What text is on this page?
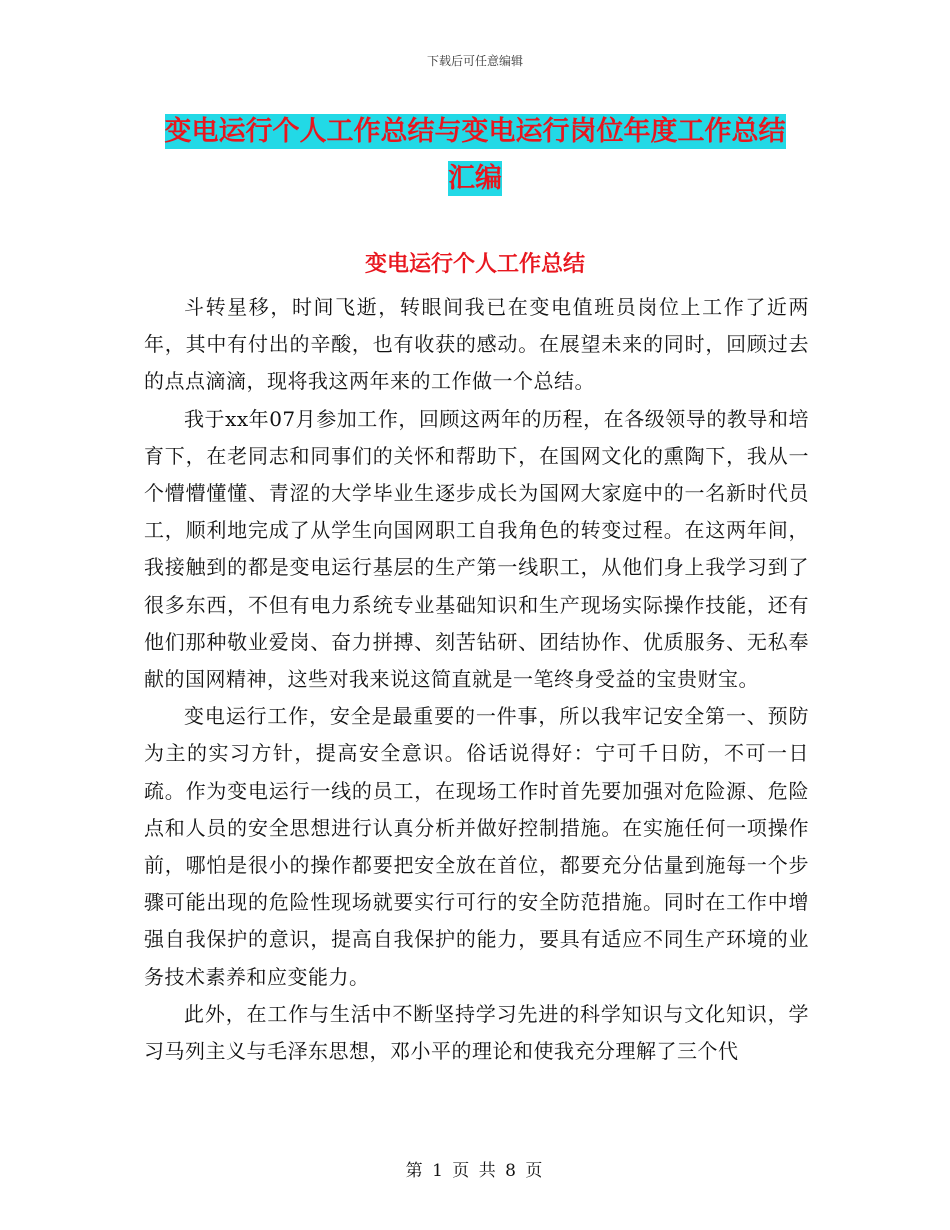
下载后可任意编辑
变电运行个人工作总结与变电运行岗位年度工作总结
汇编
变电运行个人工作总结

斗转星移，时间飞逝，转眼间我已在变电值班员岗位上工作了近两年，其中有付出的辛酸，也有收获的感动。在展望未来的同时，回顾过去的点点滴滴，现将我这两年来的工作做一个总结。

我于xx年07月参加工作，回顾这两年的历程，在各级领导的教导和培育下，在老同志和同事们的关怀和帮助下，在国网文化的熏陶下，我从一个懵懵懂懂、青涩的大学毕业生逐步成长为国网大家庭中的一名新时代员工，顺利地完成了从学生向国网职工自我角色的转变过程。在这两年间，我接触到的都是变电运行基层的生产第一线职工，从他们身上我学习到了很多东西，不但有电力系统专业基础知识和生产现场实际操作技能，还有他们那种敬业爱岗、奋力拼搏、刻苦钻研、团结协作、优质服务、无私奉献的国网精神，这些对我来说这简直就是一笔终身受益的宝贵财宝。

变电运行工作，安全是最重要的一件事，所以我牢记安全第一、预防为主的实习方针，提高安全意识。俗话说得好：宁可千日防，不可一日疏。作为变电运行一线的员工，在现场工作时首先要加强对危险源、危险点和人员的安全思想进行认真分析并做好控制措施。在实施任何一项操作前，哪怕是很小的操作都要把安全放在首位，都要充分估量到施每一个步骤可能出现的危险性现场就要实行可行的安全防范措施。同时在工作中增强自我保护的意识，提高自我保护的能力，要具有适应不同生产环境的业务技术素养和应变能力。

此外，在工作与生活中不断坚持学习先进的科学知识与文化知识，学习马列主义与毛泽东思想，邓小平的理论和使我充分理解了三个代

第 1 页 共 8 页
